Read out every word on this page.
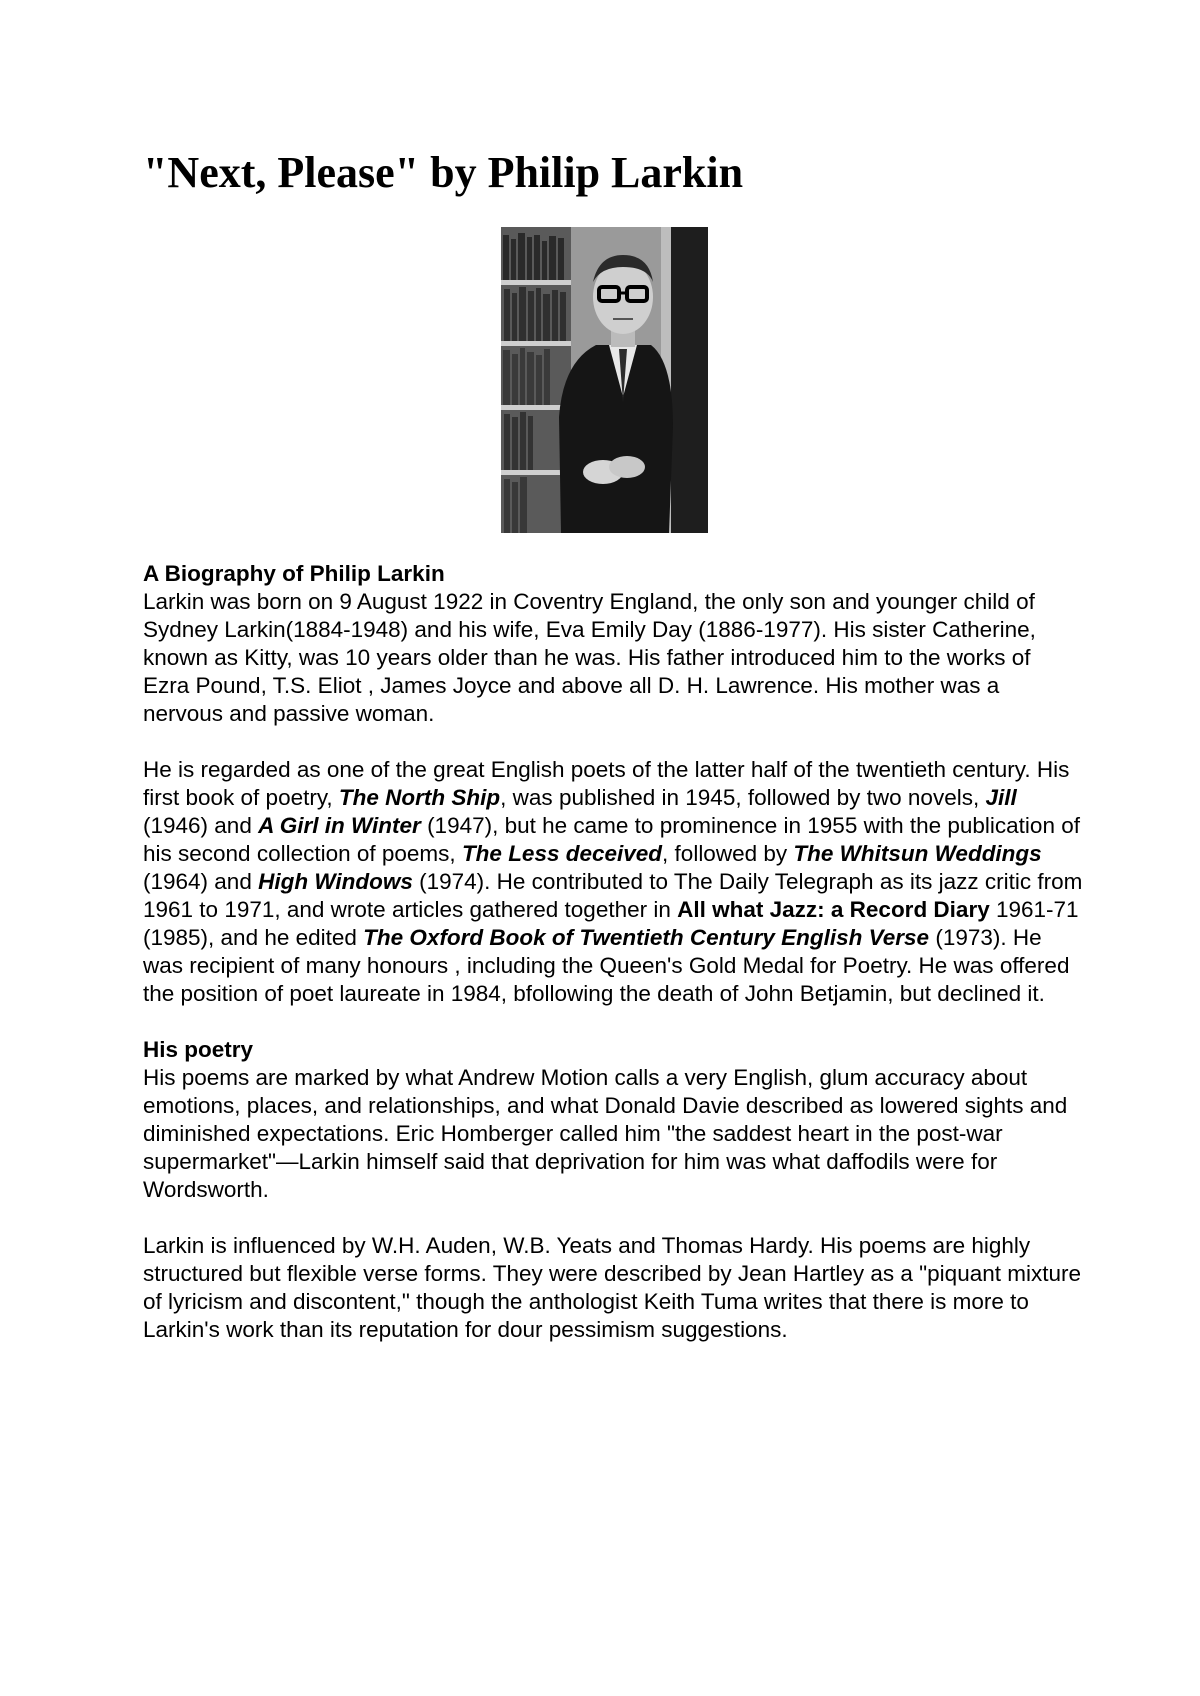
"Next, Please" by Philip Larkin

A Biography of Philip Larkin

Larkin was born on 9 August 1922 in Coventry England, the only son and younger child of Sydney Larkin(1884-1948) and his wife, Eva Emily Day (1886-1977). His sister Catherine, known as Kitty, was 10 years older than he was. His father introduced him to the works of Ezra Pound, T.S. Eliot , James Joyce and above all D. H. Lawrence. His mother was a nervous and passive woman.

He is regarded as one of the great English poets of the latter half of the twentieth century. His first book of poetry, The North Ship, was published in 1945, followed by two novels, Jill (1946) and A Girl in Winter (1947), but he came to prominence in 1955 with the publication of his second collection of poems, The Less deceived, followed by The Whitsun Weddings (1964) and High Windows (1974). He contributed to The Daily Telegraph as its jazz critic from 1961 to 1971, and wrote articles gathered together in All what Jazz: a Record Diary 1961-71 (1985), and he edited The Oxford Book of Twentieth Century English Verse (1973). He was recipient of many honours , including the Queen's Gold Medal for Poetry. He was offered the position of poet laureate in 1984, bfollowing the death of John Betjamin, but declined it.

His poetry

His poems are marked by what Andrew Motion calls a very English, glum accuracy about emotions, places, and relationships, and what Donald Davie described as lowered sights and diminished expectations. Eric Homberger called him "the saddest heart in the post-war supermarket"—Larkin himself said that deprivation for him was what daffodils were for Wordsworth.

Larkin is influenced by W.H. Auden, W.B. Yeats and Thomas Hardy. His poems are highly structured but flexible verse forms. They were described by Jean Hartley as a "piquant mixture of lyricism and discontent," though the anthologist Keith Tuma writes that there is more to Larkin's work than its reputation for dour pessimism suggestions.
